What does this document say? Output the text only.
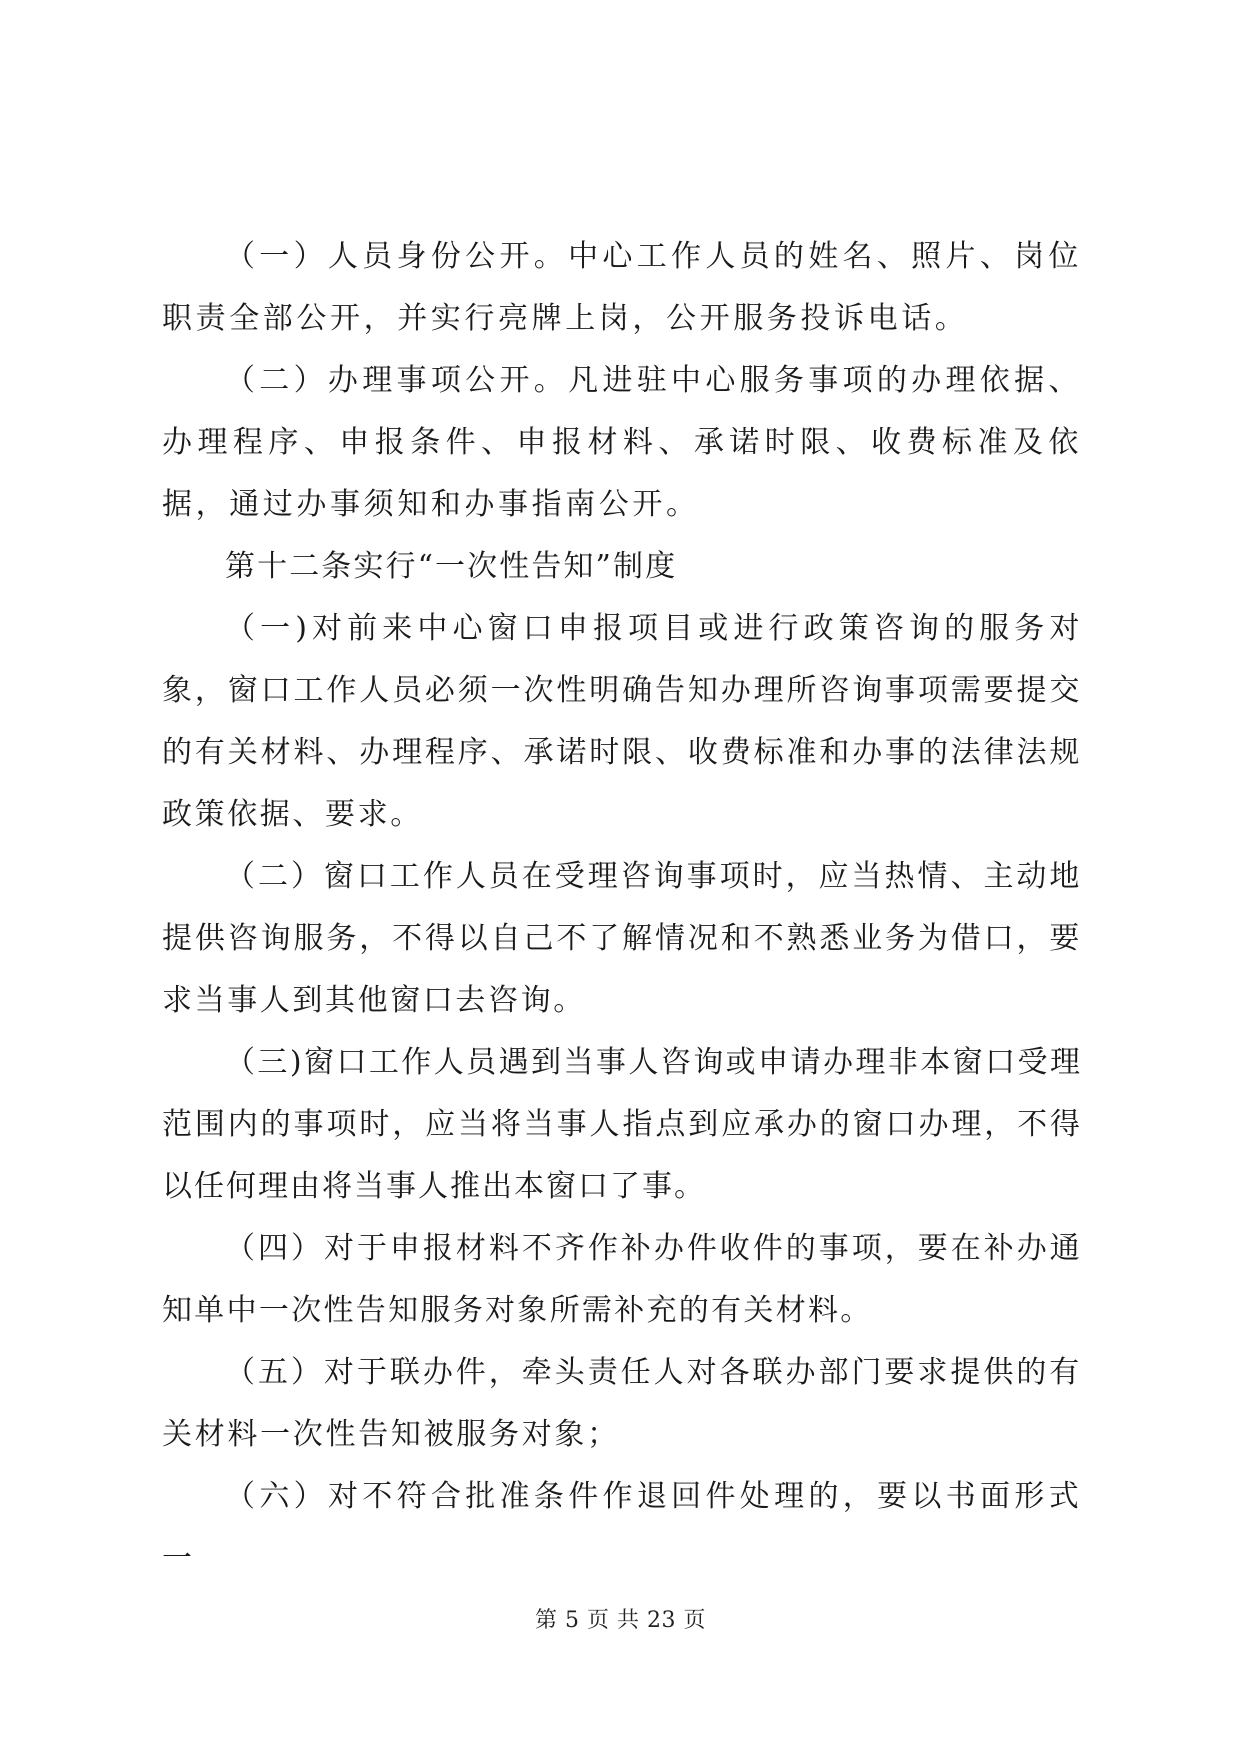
（一）人员身份公开。中心工作人员的姓名、照片、岗位职责全部公开，并实行亮牌上岗，公开服务投诉电话。

（二）办理事项公开。凡进驻中心服务事项的办理依据、办理程序、申报条件、申报材料、承诺时限、收费标准及依据，通过办事须知和办事指南公开。

第十二条实行“一次性告知”制度

（一)对前来中心窗口申报项目或进行政策咨询的服务对象，窗口工作人员必须一次性明确告知办理所咨询事项需要提交的有关材料、办理程序、承诺时限、收费标准和办事的法律法规政策依据、要求。

（二）窗口工作人员在受理咨询事项时，应当热情、主动地提供咨询服务，不得以自己不了解情况和不熟悉业务为借口，要求当事人到其他窗口去咨询。

（三)窗口工作人员遇到当事人咨询或申请办理非本窗口受理范围内的事项时，应当将当事人指点到应承办的窗口办理，不得以任何理由将当事人推出本窗口了事。

（四）对于申报材料不齐作补办件收件的事项，要在补办通知单中一次性告知服务对象所需补充的有关材料。

（五）对于联办件，牵头责任人对各联办部门要求提供的有关材料一次性告知被服务对象；

（六）对不符合批准条件作退回件处理的，要以书面形式一

第 5 页 共 23 页
